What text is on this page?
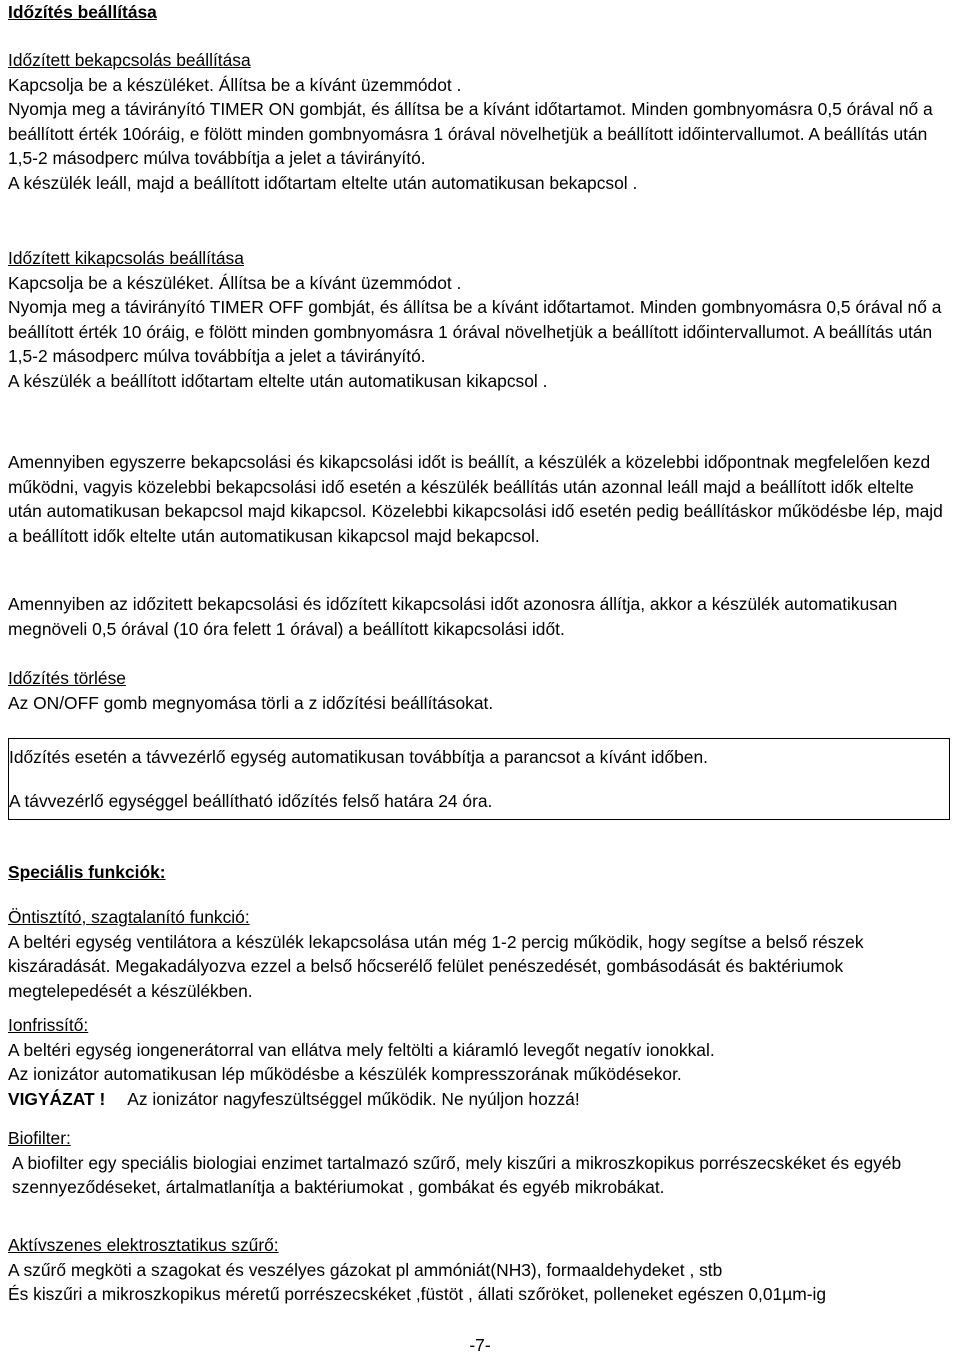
Időzítés beállítása

Időzített bekapcsolás beállítása

Kapcsolja be a készüléket. Állítsa be a kívánt üzemmódot .

Nyomja meg a távirányító TIMER ON gombját, és állítsa be a kívánt időtartamot. Minden gombnyomásra 0,5 órával nő a beállított érték 10óráig, e fölött minden gombnyomásra 1 órával növelhetjük a beállított időintervallumot. A beállítás után 1,5-2 másodperc múlva továbbítja a jelet a távirányító.

A készülék leáll, majd a beállított időtartam eltelte után automatikusan bekapcsol .

Időzített kikapcsolás beállítása

Kapcsolja be a készüléket. Állítsa be a kívánt üzemmódot .

Nyomja meg a távirányító TIMER OFF gombját, és állítsa be a kívánt időtartamot. Minden gombnyomásra 0,5 órával nő a beállított érték 10 óráig, e fölött minden gombnyomásra 1 órával növelhetjük a beállított időintervallumot. A beállítás után 1,5-2 másodperc múlva továbbítja a jelet a távirányító.

A készülék a beállított időtartam eltelte után automatikusan kikapcsol .

Amennyiben egyszerre bekapcsolási és kikapcsolási időt is beállít, a készülék a közelebbi időpontnak megfelelően kezd működni, vagyis közelebbi bekapcsolási idő esetén a készülék beállítás után azonnal leáll majd a beállított idők eltelte után automatikusan bekapcsol majd kikapcsol. Közelebbi kikapcsolási idő esetén pedig beállításkor működésbe lép, majd a beállított idők eltelte után automatikusan kikapcsol majd bekapcsol.

Amennyiben az időzitett bekapcsolási és időzített kikapcsolási időt azonosra állítja, akkor a készülék automatikusan megnöveli 0,5 órával (10 óra felett 1 órával) a beállított kikapcsolási időt.

Időzítés törlése

Az ON/OFF gomb megnyomása törli a z időzítési beállításokat.

Időzítés esetén a távvezérlő egység automatikusan továbbítja a parancsot a kívánt időben.

A távvezérlő egységgel beállítható időzítés felső határa 24 óra.

Speciális funkciók:

Öntisztító, szagtalanító funkció:

A beltéri egység ventilátora a készülék lekapcsolása után még 1-2 percig működik, hogy segítse a belső részek kiszáradását. Megakadályozva ezzel a belső hőcserélő felület penészedését, gombásodását és baktériumok megtelepedését a készülékben.

Ionfrissítő:

A beltéri egység iongenerátorral van ellátva mely feltölti a kiáramló levegőt negatív ionokkal.

Az ionizátor automatikusan lép működésbe a készülék kompresszorának működésekor.

VIGYÁZAT ! Az ionizátor nagyfeszültséggel működik. Ne nyúljon hozzá!

Biofilter:

A biofilter egy speciális biologiai enzimet tartalmazó szűrő, mely kiszűri a mikroszkopikus porrészecskéket és egyéb szennyeződéseket, ártalmatlanítja a baktériumokat , gombákat és egyéb mikrobákat.

Aktívszenes elektrosztatikus szűrő:

A szűrő megköti a szagokat és veszélyes gázokat pl ammóniát(NH3), formaaldehydeket , stb

És kiszűri a mikroszkopikus méretű porrészecskéket ,füstöt , állati szőröket, polleneket egészen 0,01µm-ig

-7-
